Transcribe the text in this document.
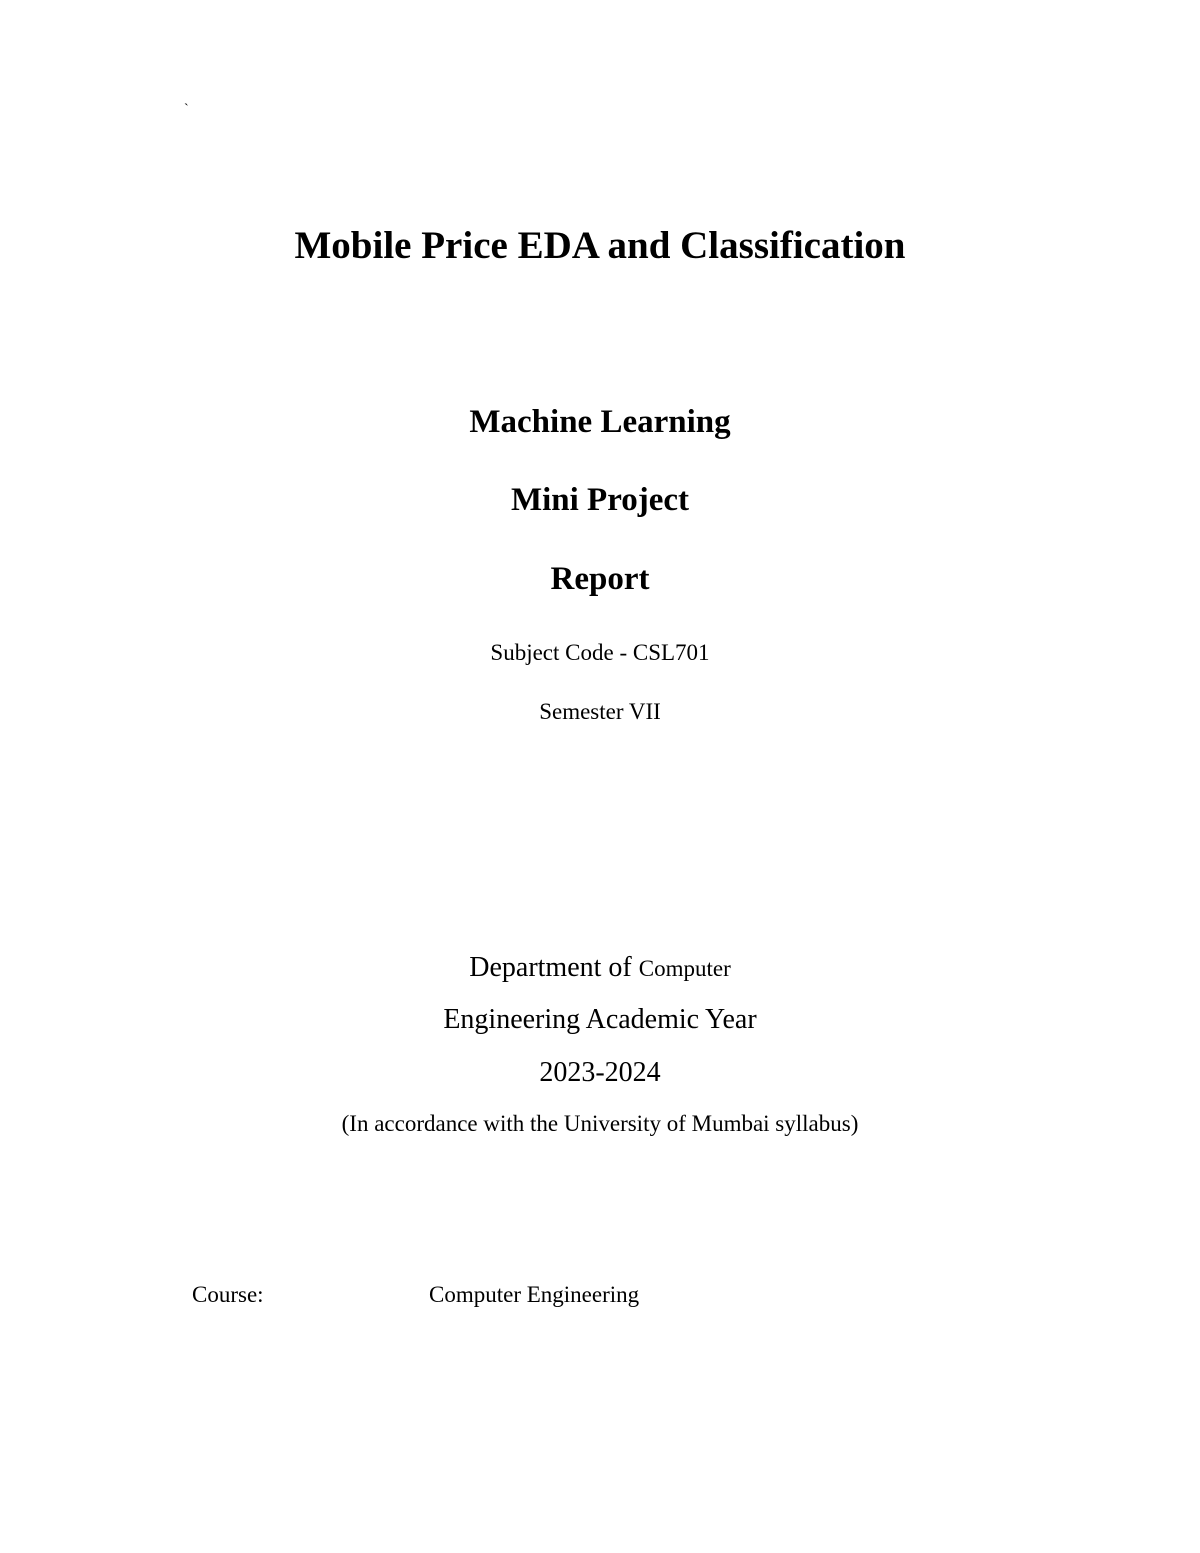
`
Mobile Price EDA and Classification
Machine Learning
Mini Project
Report
Subject Code - CSL701
Semester VII
Department of Computer
Engineering Academic Year
2023-2024
(In accordance with the University of Mumbai syllabus)
Course:	Computer Engineering
